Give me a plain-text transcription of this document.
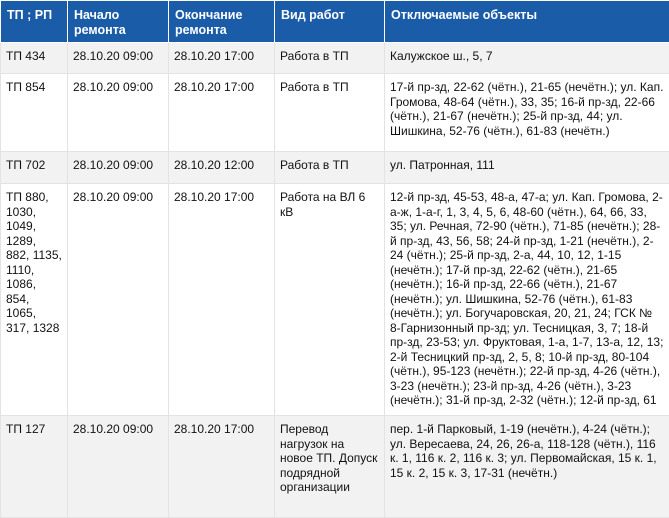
ТП ; РП	Начало ремонта	Окончание ремонта	Вид работ	Отключаемые объекты
ТП 434	28.10.20 09:00	28.10.20 17:00	Работа в ТП	Калужское ш., 5, 7
ТП 854	28.10.20 09:00	28.10.20 17:00	Работа в ТП	17-й пр-зд, 22-62 (чётн.), 21-65 (нечётн.); ул. Кап. Громова, 48-64 (чётн.), 33, 35; 16-й пр-зд, 22-66 (чётн.), 21-67 (нечётн.); 25-й пр-зд, 44; ул. Шишкина, 52-76 (чётн.), 61-83 (нечётн.)
ТП 702	28.10.20 09:00	28.10.20 12:00	Работа в ТП	ул. Патронная, 111
ТП 880, 1030, 1049, 1289, 882, 1135, 1110, 1086, 854, 1065, 317, 1328	28.10.20 09:00	28.10.20 17:00	Работа на ВЛ 6 кВ	12-й пр-зд, 45-53, 48-а, 47-а; ул. Кап. Громова, 2-а-ж, 1-а-г, 1, 3, 4, 5, 6, 48-60 (чётн.), 64, 66, 33, 35; ул. Речная, 72-90 (чётн.), 71-85 (нечётн.); 28-й пр-зд, 43, 56, 58; 24-й пр-зд, 1-21 (нечётн.), 2-24 (чётн.); 25-й пр-зд, 2-а, 44, 10, 12, 1-15 (нечётн.); 17-й пр-зд, 22-62 (чётн.), 21-65 (нечётн.); 16-й пр-зд, 22-66 (чётн.), 21-67 (нечётн.); ул. Шишкина, 52-76 (чётн.), 61-83 (нечётн.); ул. Богучаровская, 20, 21, 24; ГСК № 8-Гарнизонный пр-зд; ул. Тесницкая, 3, 7; 18-й пр-зд, 23-53; ул. Фруктовая, 1-а, 1-7, 13-а, 12, 13; 2-й Тесницкий пр-зд, 2, 5, 8; 10-й пр-зд, 80-104 (чётн.), 95-123 (нечётн.); 22-й пр-зд, 4-26 (чётн.), 3-23 (нечётн.); 23-й пр-зд, 4-26 (чётн.), 3-23 (нечётн.); 31-й пр-зд, 2-32 (чётн.); 12-й пр-зд, 61
ТП 127	28.10.20 09:00	28.10.20 17:00	Перевод нагрузок на новое ТП. Допуск подрядной организации	пер. 1-й Парковый, 1-19 (нечётн.), 4-24 (чётн.); ул. Вересаева, 24, 26, 26-а, 118-128 (чётн.), 116 к. 1, 116 к. 2, 116 к. 3; ул. Первомайская, 15 к. 1, 15 к. 2, 15 к. 3, 17-31 (нечётн.)
